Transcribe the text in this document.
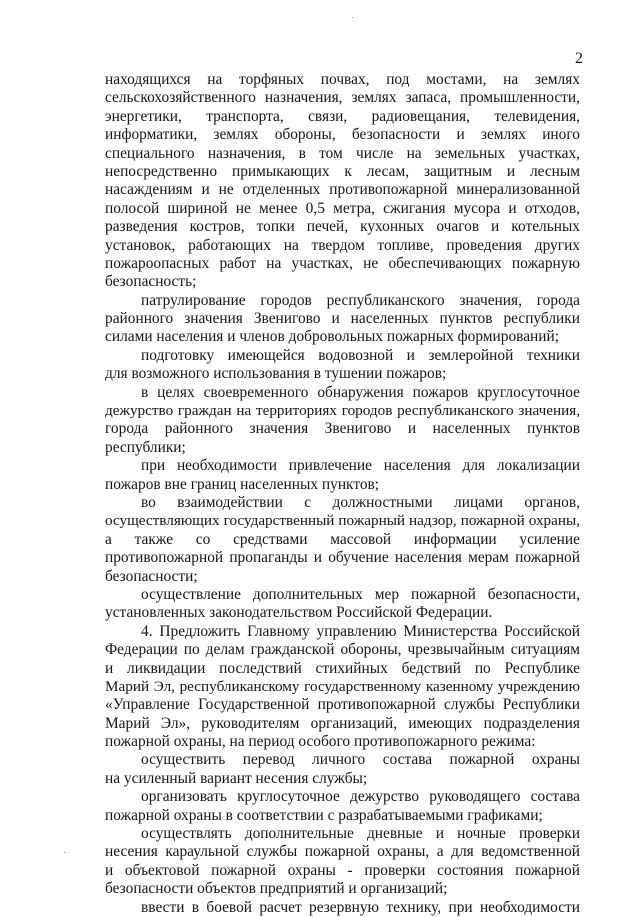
2
находящихся на торфяных почвах, под мостами, на землях
сельскохозяйственного назначения, землях запаса, промышленности,
энергетики, транспорта, связи, радиовещания, телевидения,
информатики, землях обороны, безопасности и землях иного
специального назначения, в том числе на земельных участках,
непосредственно примыкающих к лесам, защитным и лесным
насаждениям и не отделенных противопожарной минерализованной
полосой шириной не менее 0,5 метра, сжигания мусора и отходов,
разведения костров, топки печей, кухонных очагов и котельных
установок, работающих на твердом топливе, проведения других
пожароопасных работ на участках, не обеспечивающих пожарную
безопасность;
патрулирование городов республиканского значения, города
районного значения Звенигово и населенных пунктов республики
силами населения и членов добровольных пожарных формирований;
подготовку имеющейся водовозной и землеройной техники
для возможного использования в тушении пожаров;
в целях своевременного обнаружения пожаров круглосуточное
дежурство граждан на территориях городов республиканского значения,
города районного значения Звенигово и населенных пунктов
республики;
при необходимости привлечение населения для локализации
пожаров вне границ населенных пунктов;
во взаимодействии с должностными лицами органов,
осуществляющих государственный пожарный надзор, пожарной охраны,
а также со средствами массовой информации усиление
противопожарной пропаганды и обучение населения мерам пожарной
безопасности;
осуществление дополнительных мер пожарной безопасности,
установленных законодательством Российской Федерации.
4. Предложить Главному управлению Министерства Российской
Федерации по делам гражданской обороны, чрезвычайным ситуациям
и ликвидации последствий стихийных бедствий по Республике
Марий Эл, республиканскому государственному казенному учреждению
«Управление Государственной противопожарной службы Республики
Марий Эл», руководителям организаций, имеющих подразделения
пожарной охраны, на период особого противопожарного режима:
осуществить перевод личного состава пожарной охраны
на усиленный вариант несения службы;
организовать круглосуточное дежурство руководящего состава
пожарной охраны в соответствии с разрабатываемыми графиками;
осуществлять дополнительные дневные и ночные проверки
несения караульной службы пожарной охраны, а для ведомственной
и объектовой пожарной охраны - проверки состояния пожарной
безопасности объектов предприятий и организаций;
ввести в боевой расчет резервную технику, при необходимости
